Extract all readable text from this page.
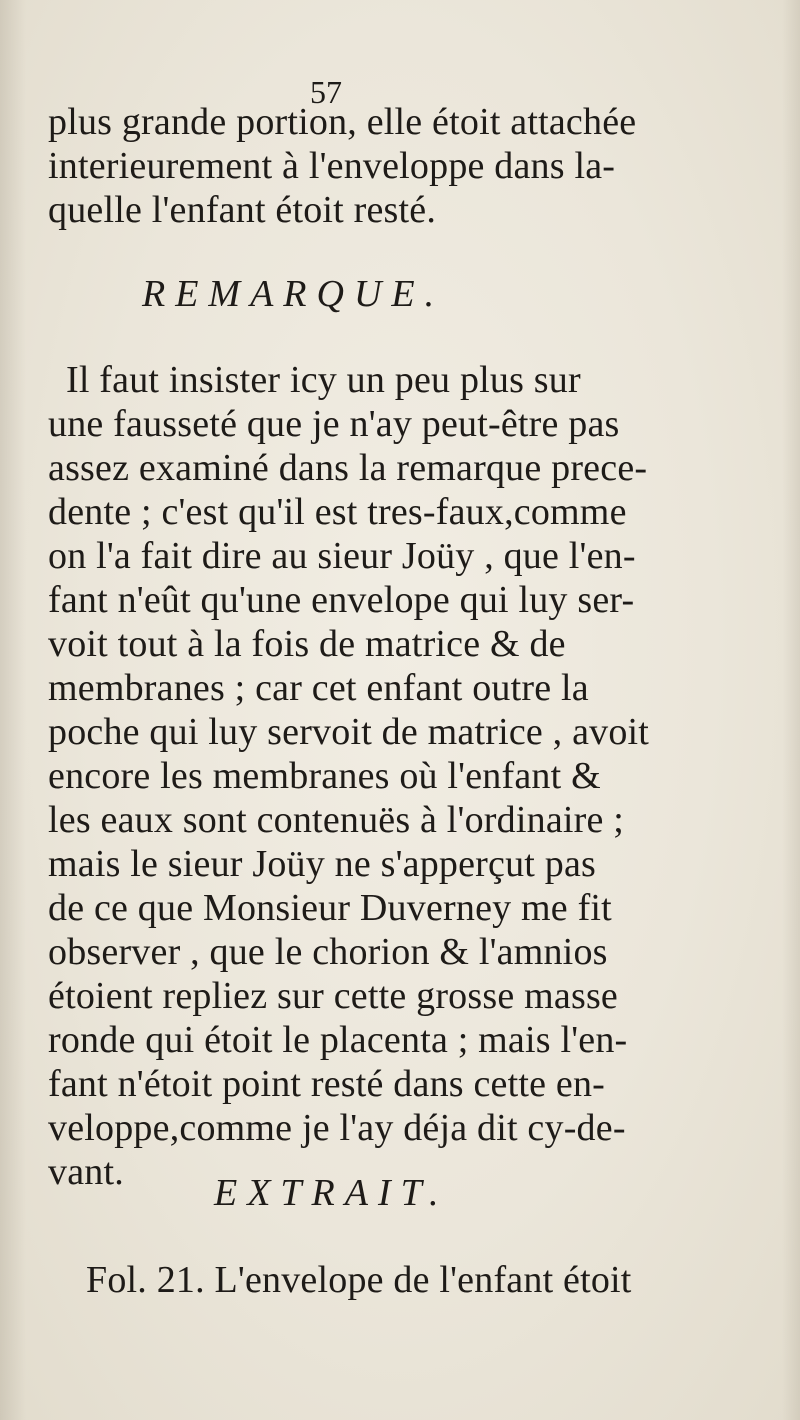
57
plus grande portion, elle étoit attachée
interieurement à l'enveloppe dans la-
quelle l'enfant étoit resté.
REMARQUE.
Il faut insister icy un peu plus sur
une fausseté que je n'ay peut-être pas
assez examiné dans la remarque prece-
dente ; c'est qu'il est tres-faux,comme
on l'a fait dire au sieur Joüy , que l'en-
fant n'eût qu'une envelope qui luy ser-
voit tout à la fois de matrice & de
membranes ; car cet enfant outre la
poche qui luy servoit de matrice , avoit
encore les membranes où l'enfant &
les eaux sont contenuës à l'ordinaire ;
mais le sieur Joüy ne s'apperçut pas
de ce que Monsieur Duverney me fit
observer , que le chorion & l'amnios
étoient repliez sur cette grosse masse
ronde qui étoit le placenta ; mais l'en-
fant n'étoit point resté dans cette en-
veloppe,comme je l'ay déja dit cy-de-
vant.	EXTRAIT.
Fol. 21. L'envelope de l'enfant étoit
